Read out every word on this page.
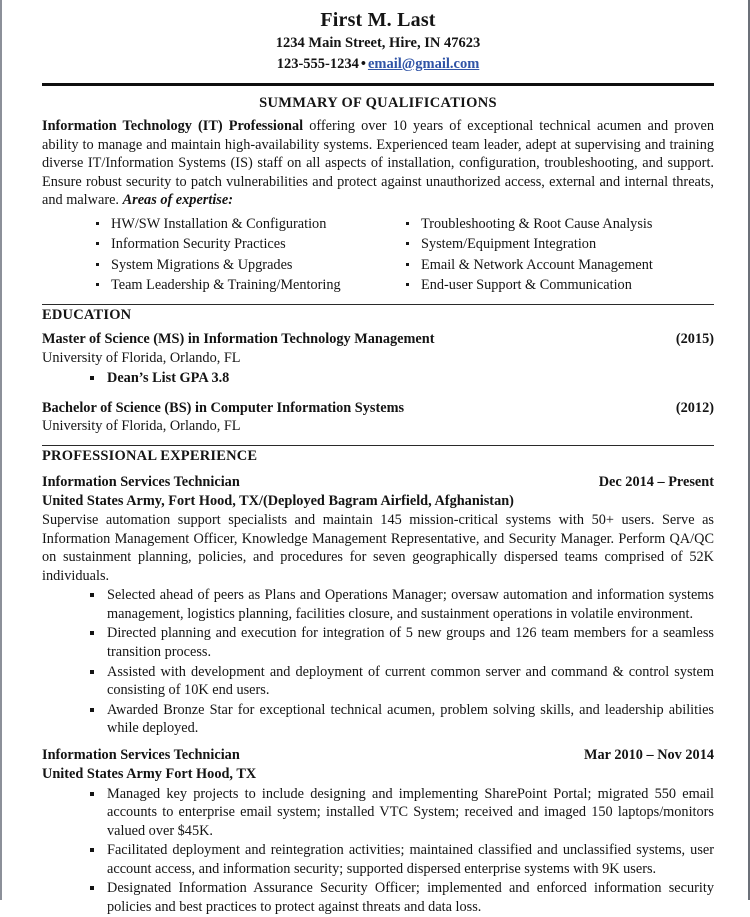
First M. Last
1234 Main Street, Hire, IN 47623
123-555-1234 • email@gmail.com
SUMMARY OF QUALIFICATIONS

Information Technology (IT) Professional offering over 10 years of exceptional technical acumen and proven ability to manage and maintain high-availability systems. Experienced team leader, adept at supervising and training diverse IT/Information Systems (IS) staff on all aspects of installation, configuration, troubleshooting, and support. Ensure robust security to patch vulnerabilities and protect against unauthorized access, external and internal threats, and malware. Areas of expertise:

HW/SW Installation & Configuration
Information Security Practices
System Migrations & Upgrades
Team Leadership & Training/Mentoring
Troubleshooting & Root Cause Analysis
System/Equipment Integration
Email & Network Account Management
End-user Support & Communication
EDUCATION
Master of Science (MS) in Information Technology Management	(2015)
University of Florida, Orlando, FL
Dean’s List GPA 3.8
Bachelor of Science (BS) in Computer Information Systems	(2012)
University of Florida, Orlando, FL
PROFESSIONAL EXPERIENCE
Information Services Technician	Dec 2014 – Present
United States Army, Fort Hood, TX/(Deployed Bagram Airfield, Afghanistan)

Supervise automation support specialists and maintain 145 mission-critical systems with 50+ users. Serve as Information Management Officer, Knowledge Management Representative, and Security Manager. Perform QA/QC on sustainment planning, policies, and procedures for seven geographically dispersed teams comprised of 52K individuals.

Selected ahead of peers as Plans and Operations Manager; oversaw automation and information systems management, logistics planning, facilities closure, and sustainment operations in volatile environment.
Directed planning and execution for integration of 5 new groups and 126 team members for a seamless transition process.
Assisted with development and deployment of current common server and command & control system consisting of 10K end users.
Awarded Bronze Star for exceptional technical acumen, problem solving skills, and leadership abilities while deployed.
Information Services Technician	Mar 2010 – Nov 2014
United States Army Fort Hood, TX
Managed key projects to include designing and implementing SharePoint Portal; migrated 550 email accounts to enterprise email system; installed VTC System; received and imaged 150 laptops/monitors valued over $45K.
Facilitated deployment and reintegration activities; maintained classified and unclassified systems, user account access, and information security; supported dispersed enterprise systems with 9K users.
Designated Information Assurance Security Officer; implemented and enforced information security policies and best practices to protect against threats and data loss.
